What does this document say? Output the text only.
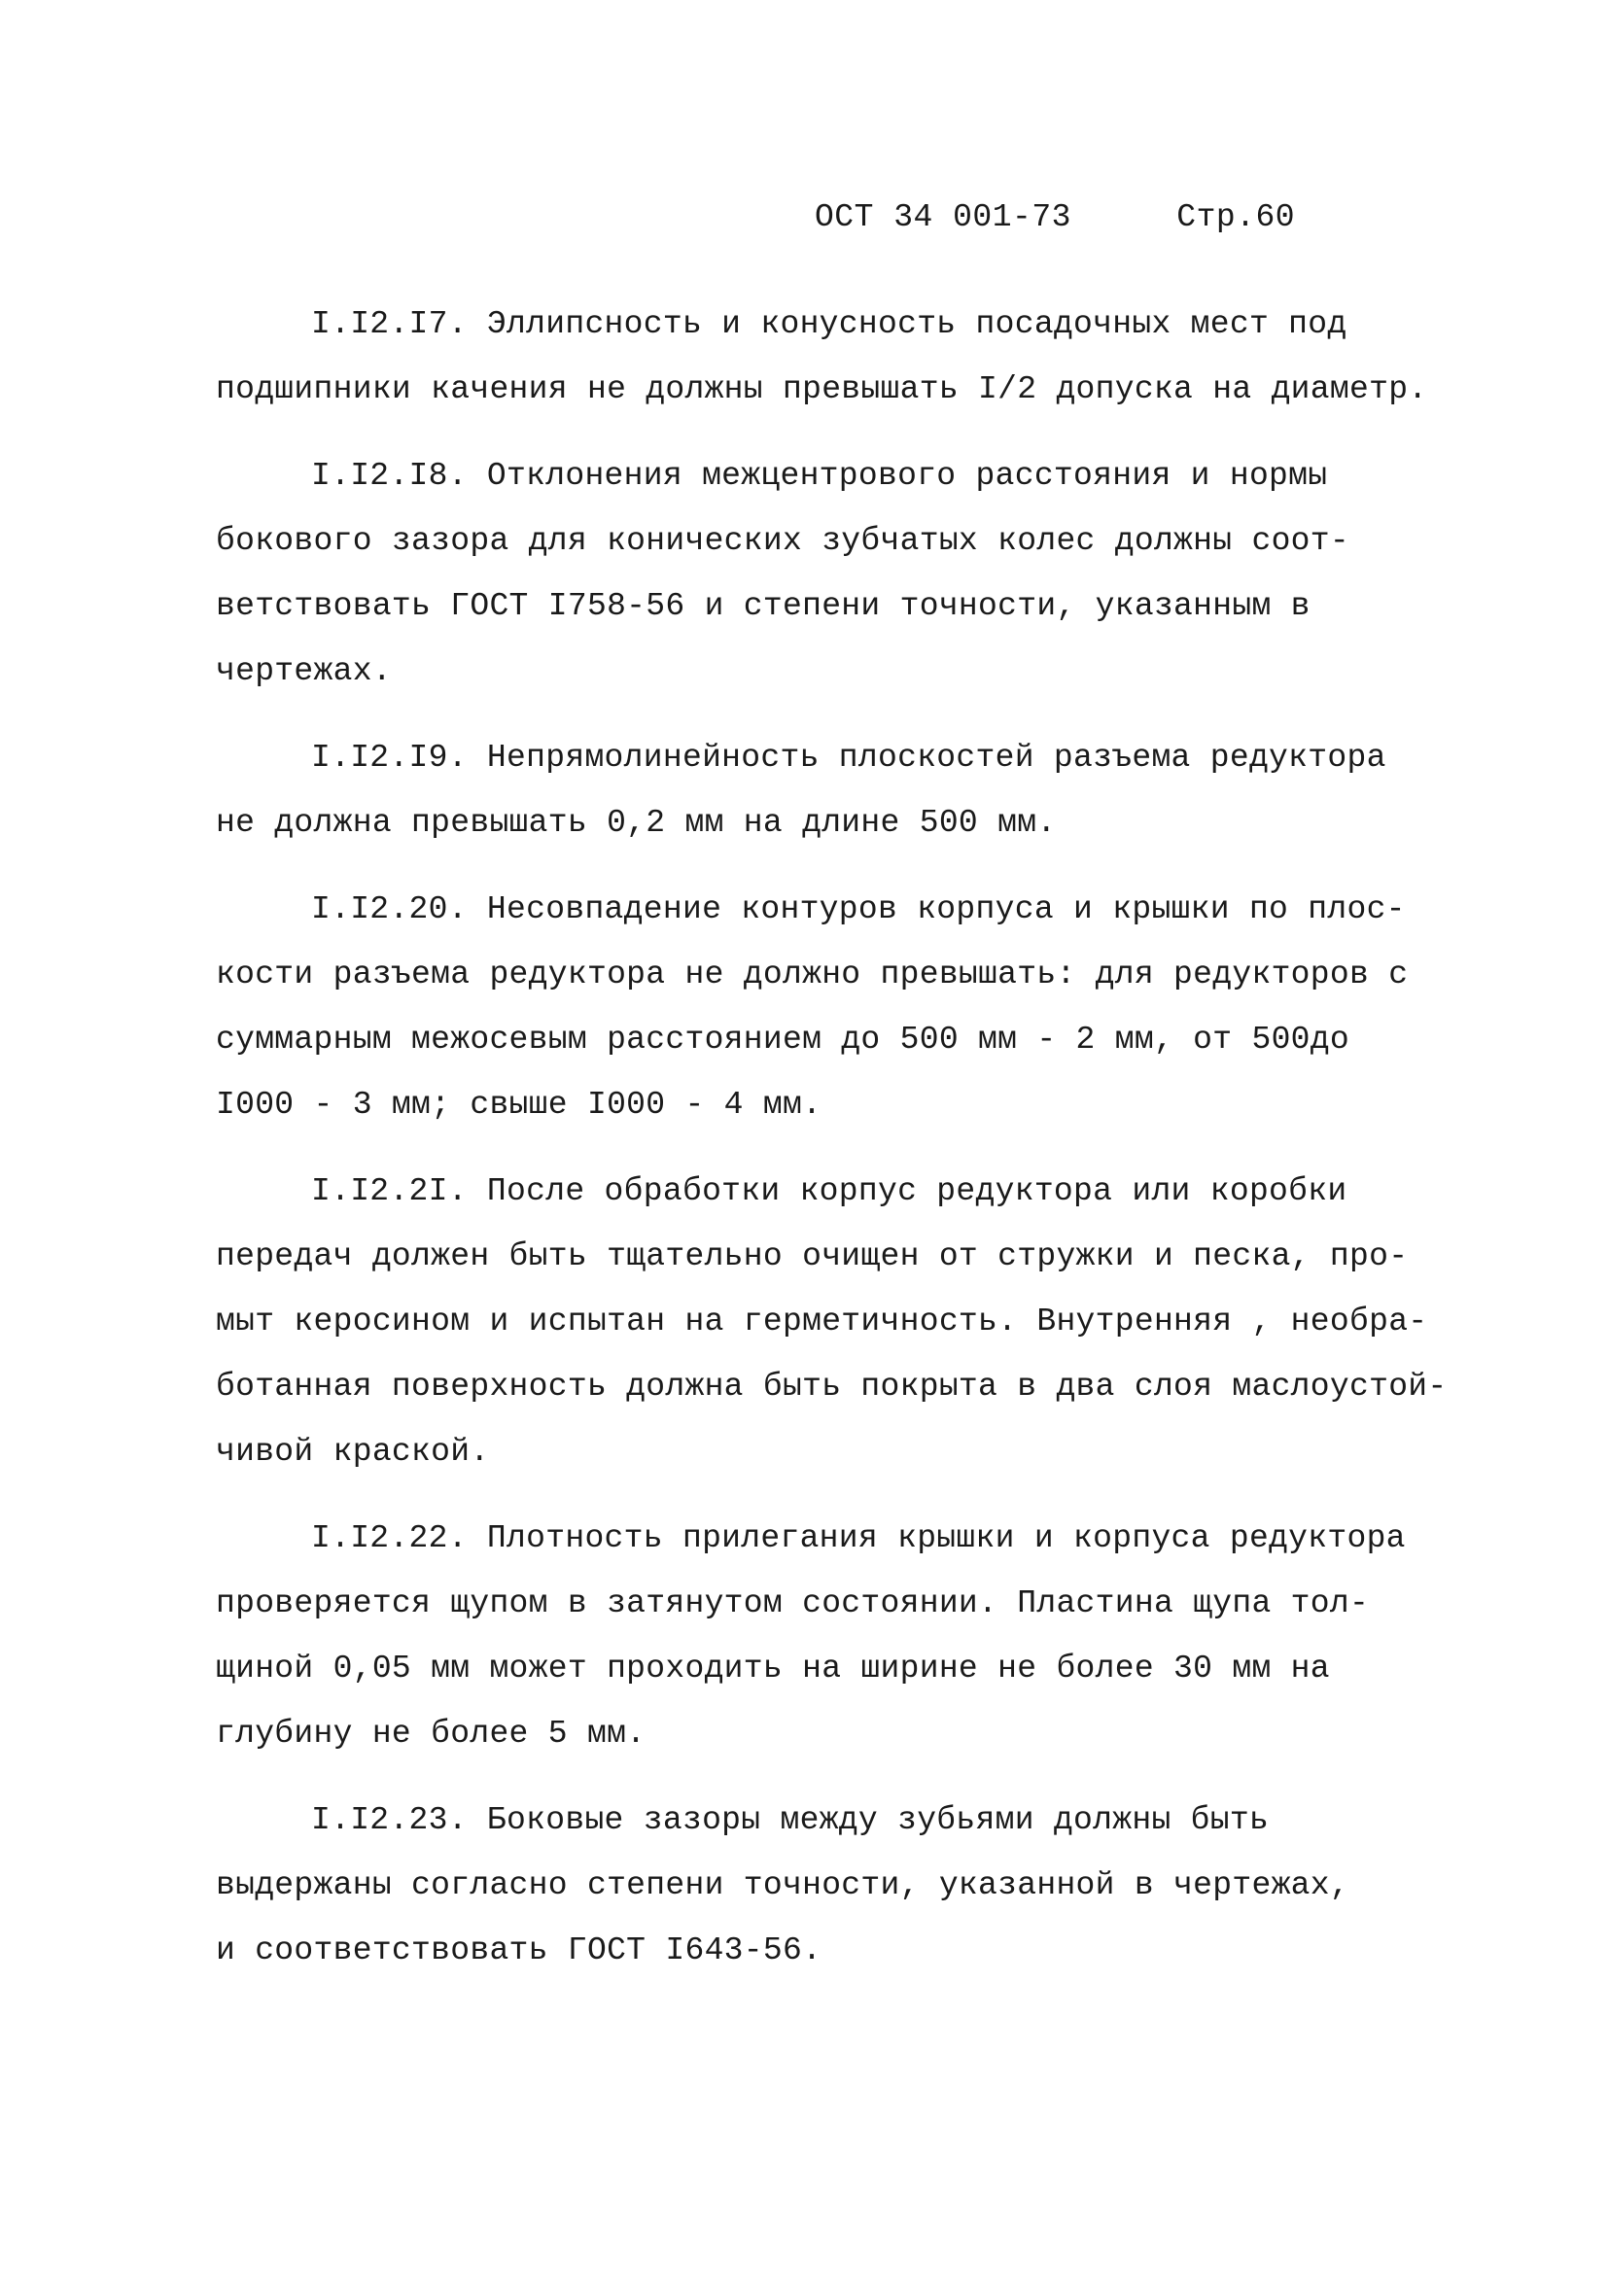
ОСТ 34 001-73	Стр.60
I.I2.I7. Эллипсность и конусность посадочных мест под
подшипники качения не должны превышать I/2 допуска на диаметр.
I.I2.I8. Отклонения межцентрового расстояния и нормы
бокового зазора для конических зубчатых колес должны соот-
ветствовать ГОСТ I758-56 и степени точности, указанным в
чертежах.
I.I2.I9. Непрямолинейность плоскостей разъема редуктора
не должна превышать 0,2 мм на длине 500 мм.
I.I2.20. Несовпадение контуров корпуса и крышки по плос-
кости разъема редуктора не должно превышать: для редукторов с
суммарным межосевым расстоянием до 500 мм - 2 мм, от 500до
I000 - 3 мм; свыше I000 - 4 мм.
I.I2.2I. После обработки корпус редуктора или коробки
передач должен быть тщательно очищен от стружки и песка, про-
мыт керосином и испытан на герметичность. Внутренняя , необра-
ботанная поверхность должна быть покрыта в два слоя маслоустой-
чивой краской.
I.I2.22. Плотность прилегания крышки и корпуса редуктора
проверяется щупом в затянутом состоянии. Пластина щупа тол-
щиной 0,05 мм может проходить на ширине не более 30 мм на
глубину не более 5 мм.
I.I2.23. Боковые зазоры между зубьями должны быть
выдержаны согласно степени точности, указанной в чертежах,
и соответствовать ГОСТ I643-56.
